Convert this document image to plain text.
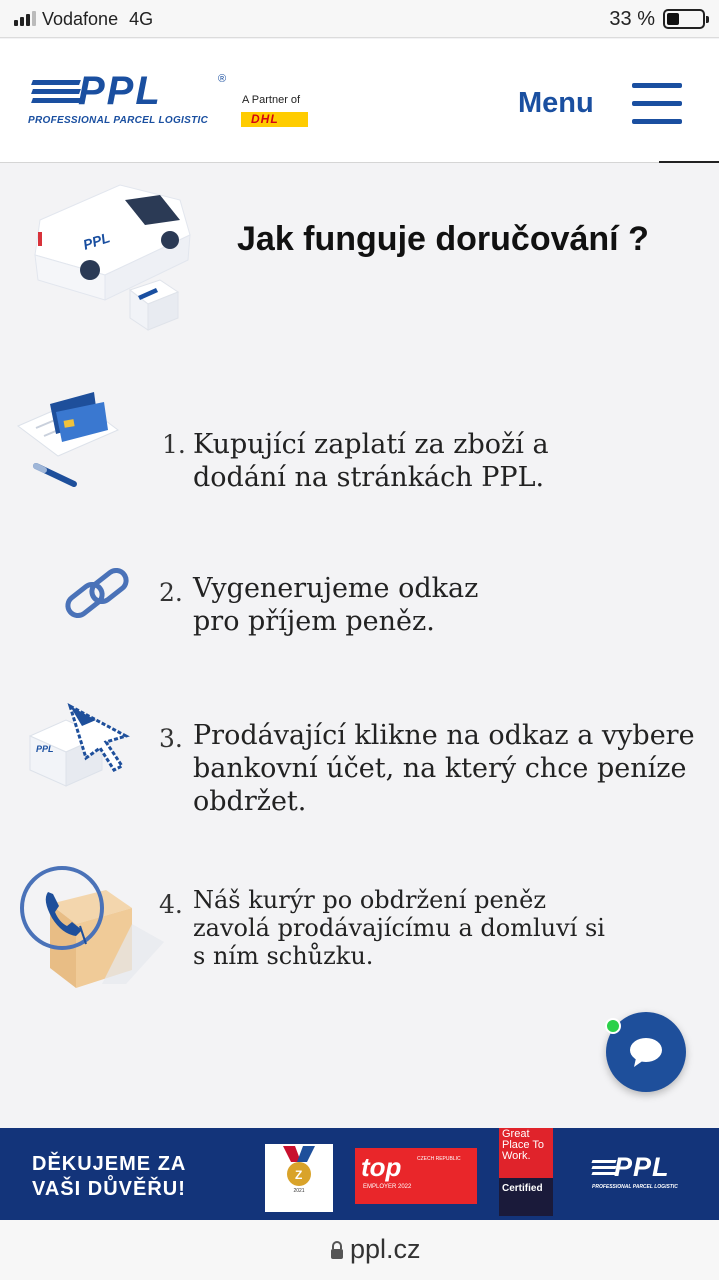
Vodafone 4G	33 %
PPL	®
PROFESSIONAL PARCEL LOGISTIC
A Partner of
DHL	Menu
PPL	Jak funguje doručování ?
1. Kupující zaplatí za zboží a
dodání na stránkách PPL.
2. Vygenerujeme odkaz
pro příjem peněz.
PPL	3. Prodávající klikne na odkaz a vybere
bankovní účet, na který chce peníze
obdržet.
4. Náš kurýr po obdržení peněz
zavolá prodávajícímu a domluví si
s ním schůzku.
DĚKUJEME ZA
VAŠI DŮVĚŘU!
Z
2021
top
EMPLOYER 2022
CZECH REPUBLIC
Great Place To Work.
Certified
PPL
PROFESSIONAL PARCEL LOGISTIC
ppl.cz
